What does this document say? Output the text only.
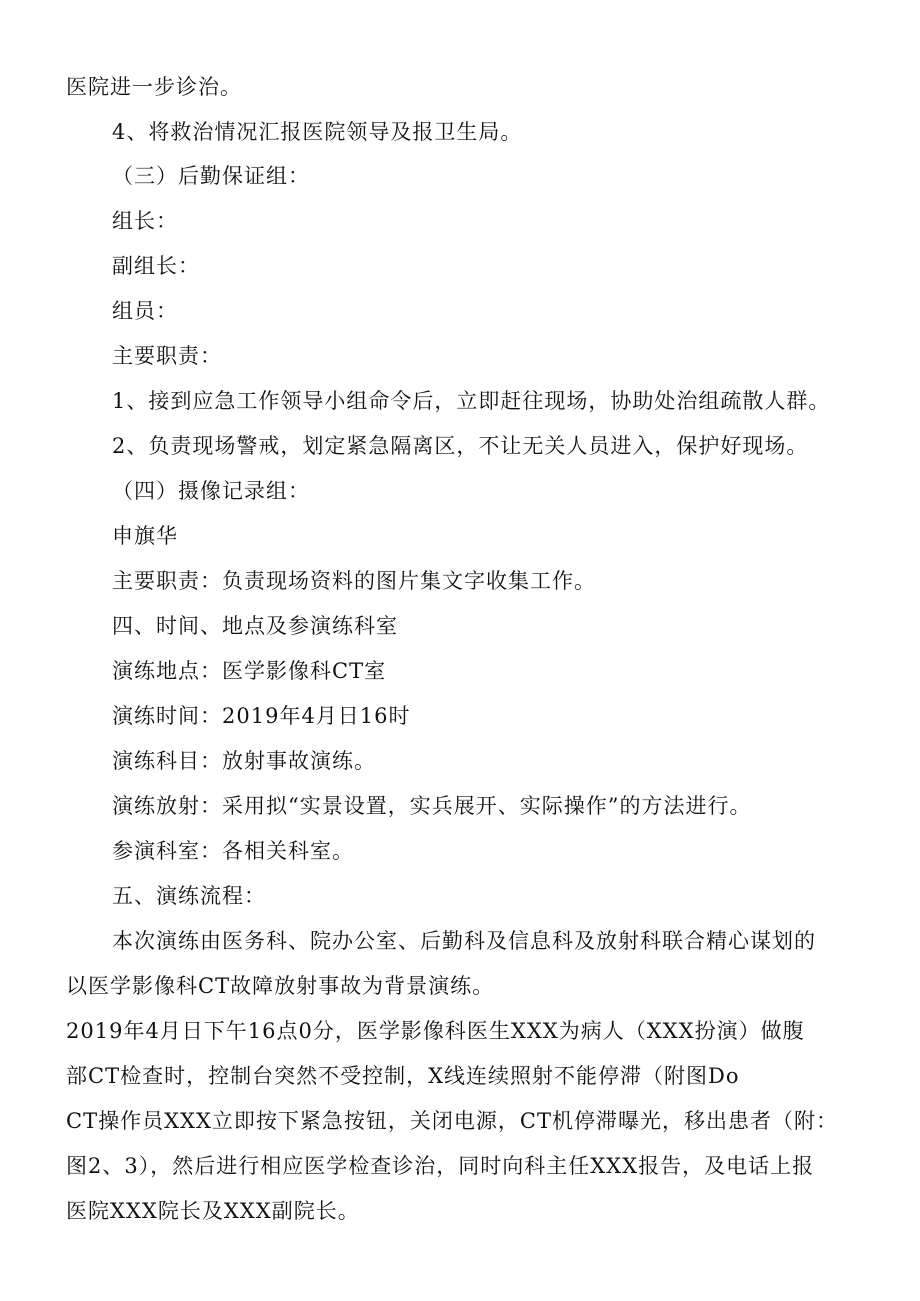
医院进一步诊治。
4、将救治情况汇报医院领导及报卫生局。
（三）后勤保证组：
组长：
副组长：
组员：
主要职责：
1、接到应急工作领导小组命令后，立即赶往现场，协助处治组疏散人群。
2、负责现场警戒，划定紧急隔离区，不让无关人员进入，保护好现场。
（四）摄像记录组：
申旗华
主要职责：负责现场资料的图片集文字收集工作。
四、时间、地点及参演练科室
演练地点：医学影像科CT室
演练时间：2019年4月日16时
演练科目：放射事故演练。
演练放射：采用拟“实景设置，实兵展开、实际操作”的方法进行。
参演科室：各相关科室。
五、演练流程：
本次演练由医务科、院办公室、后勤科及信息科及放射科联合精心谋划的
以医学影像科CT故障放射事故为背景演练。
2019年4月日下午16点0分，医学影像科医生XXX为病人（XXX扮演）做腹
部CT检查时，控制台突然不受控制，X线连续照射不能停滞（附图Do
CT操作员XXX立即按下紧急按钮，关闭电源，CT机停滞曝光，移出患者（附：
图2、3），然后进行相应医学检查诊治，同时向科主任XXX报告，及电话上报
医院XXX院长及XXX副院长。
